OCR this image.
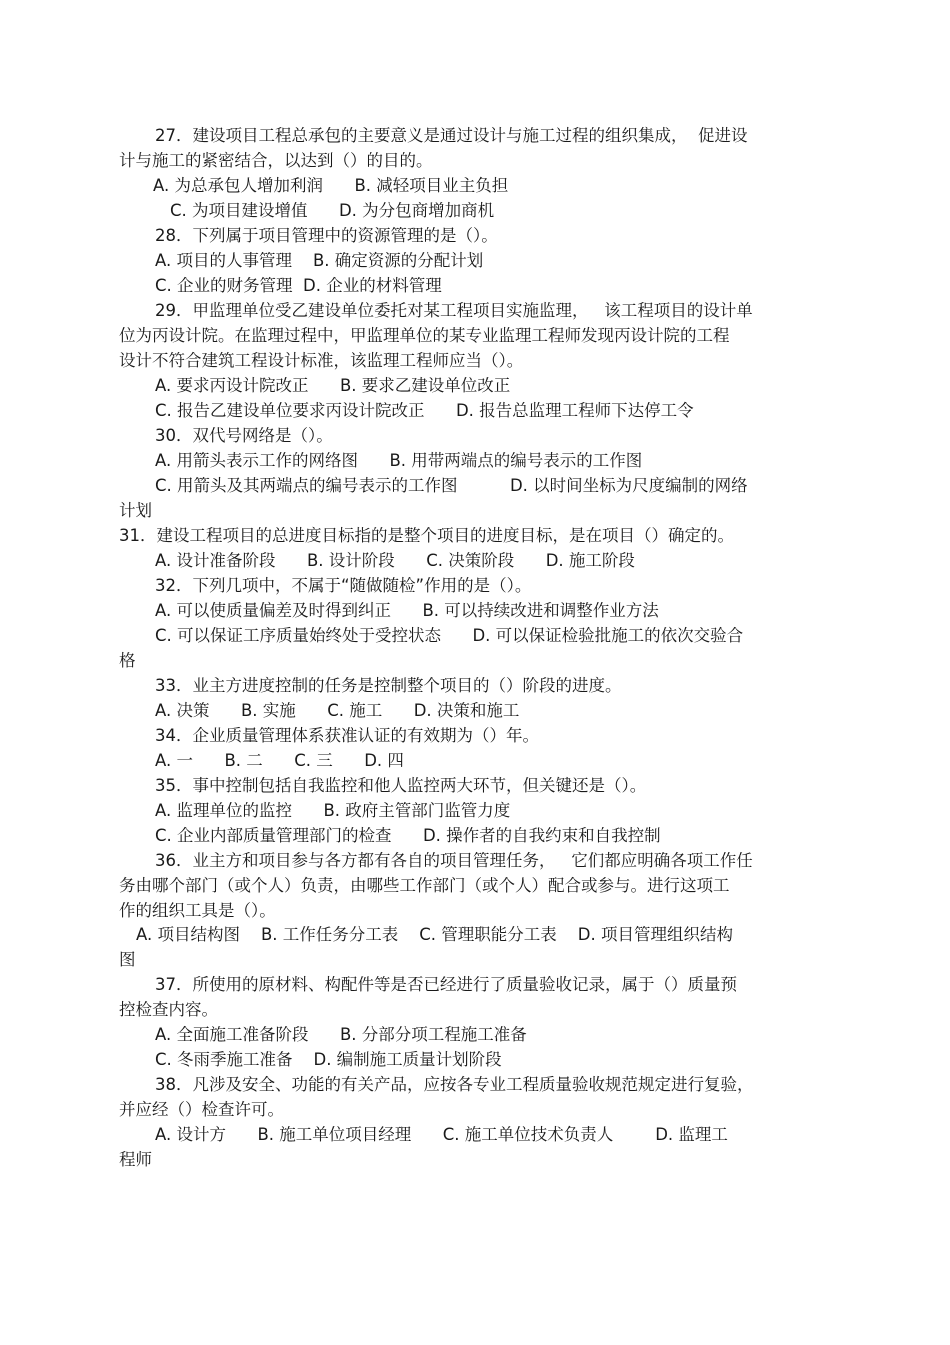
27．建设项目工程总承包的主要意义是通过设计与施工过程的组织集成，  促进设
计与施工的紧密结合，以达到（）的目的。
A. 为总承包人增加利润      B. 减轻项目业主负担
C. 为项目建设增值      D. 为分包商增加商机
28．下列属于项目管理中的资源管理的是（）。
A. 项目的人事管理    B. 确定资源的分配计划
C. 企业的财务管理  D. 企业的材料管理
29．甲监理单位受乙建设单位委托对某工程项目实施监理，   该工程项目的设计单
位为丙设计院。在监理过程中，甲监理单位的某专业监理工程师发现丙设计院的工程
设计不符合建筑工程设计标准，该监理工程师应当（）。
A. 要求丙设计院改正      B. 要求乙建设单位改正
C. 报告乙建设单位要求丙设计院改正      D. 报告总监理工程师下达停工令
30．双代号网络是（）。
A. 用箭头表示工作的网络图      B. 用带两端点的编号表示的工作图
C. 用箭头及其两端点的编号表示的工作图          D. 以时间坐标为尺度编制的网络
计划
31．建设工程项目的总进度目标指的是整个项目的进度目标，是在项目（）确定的。
A. 设计准备阶段      B. 设计阶段      C. 决策阶段      D. 施工阶段
32．下列几项中，不属于“随做随检”作用的是（）。
A. 可以使质量偏差及时得到纠正      B. 可以持续改进和调整作业方法
C. 可以保证工序质量始终处于受控状态      D. 可以保证检验批施工的依次交验合
格
33．业主方进度控制的任务是控制整个项目的（）阶段的进度。
A. 决策      B. 实施      C. 施工      D. 决策和施工
34．企业质量管理体系获准认证的有效期为（）年。
A. 一      B. 二      C. 三      D. 四
35．事中控制包括自我监控和他人监控两大环节，但关键还是（）。
A. 监理单位的监控      B. 政府主管部门监管力度
C. 企业内部质量管理部门的检查      D. 操作者的自我约束和自我控制
36．业主方和项目参与各方都有各自的项目管理任务，   它们都应明确各项工作任
务由哪个部门（或个人）负责，由哪些工作部门（或个人）配合或参与。进行这项工
作的组织工具是（）。
A. 项目结构图    B. 工作任务分工表    C. 管理职能分工表    D. 项目管理组织结构
图
37．所使用的原材料、构配件等是否已经进行了质量验收记录，属于（）质量预
控检查内容。
A. 全面施工准备阶段      B. 分部分项工程施工准备
C. 冬雨季施工准备    D. 编制施工质量计划阶段
38．凡涉及安全、功能的有关产品，应按各专业工程质量验收规范规定进行复验，
并应经（）检查许可。
A. 设计方      B. 施工单位项目经理      C. 施工单位技术负责人        D. 监理工
程师
